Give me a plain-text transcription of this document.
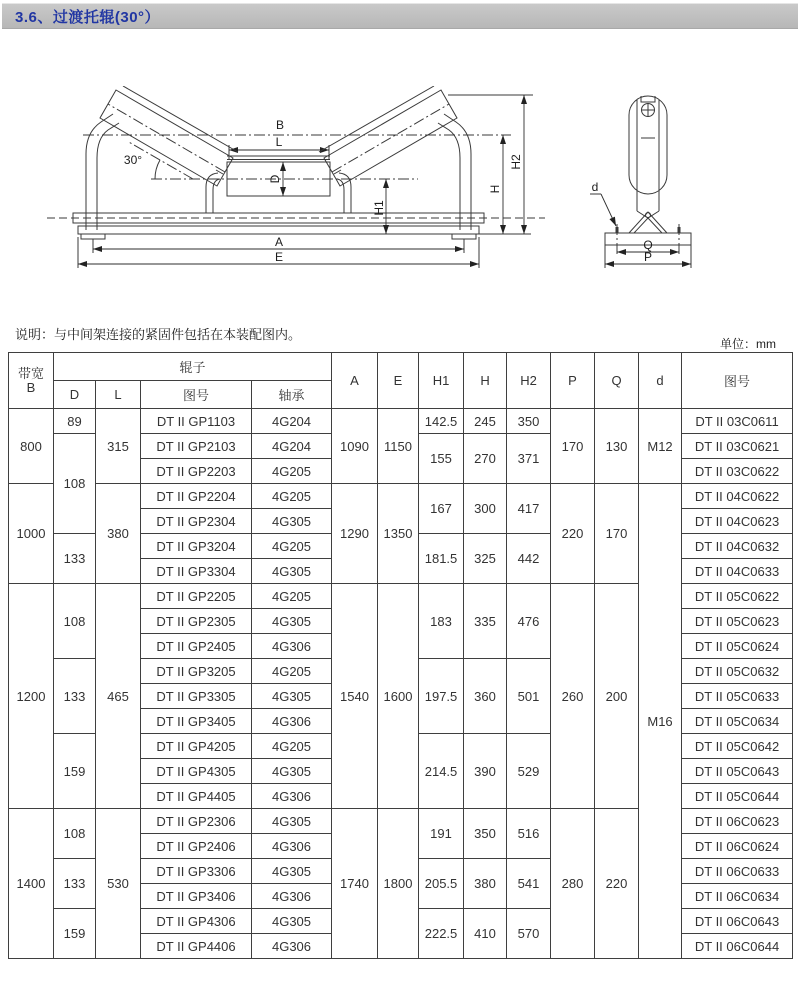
3.6、过渡托辊(30°）
B
L
D
30°
A
E
H1
H
H2
d
Q
P
说明：与中间架连接的紧固件包括在本装配图内。
单位：mm
带宽
B	辊子				A	E	H1	H	H2	P	Q	d	图号
	D	L	图号	轴承									
800	89	315	DT II GP1103	4G204	1090	1150	142.5	245	350	170	130	M12	DT II 03C0611
	108		DT II GP2103	4G204			155	270	371				DT II 03C0621
			DT II GP2203	4G205									DT II 03C0622
1000		380	DT II GP2204	4G205	1290	1350	167	300	417	220	170	M16	DT II 04C0622
			DT II GP2304	4G305									DT II 04C0623
	133		DT II GP3204	4G205			181.5	325	442				DT II 04C0632
			DT II GP3304	4G305									DT II 04C0633
1200	108	465	DT II GP2205	4G205	1540	1600	183	335	476	260	200		DT II 05C0622
			DT II GP2305	4G305									DT II 05C0623
			DT II GP2405	4G306									DT II 05C0624
	133		DT II GP3205	4G205			197.5	360	501				DT II 05C0632
			DT II GP3305	4G305									DT II 05C0633
			DT II GP3405	4G306									DT II 05C0634
	159		DT II GP4205	4G205			214.5	390	529				DT II 05C0642
			DT II GP4305	4G305									DT II 05C0643
			DT II GP4405	4G306									DT II 05C0644
1400	108	530	DT II GP2306	4G305	1740	1800	191	350	516	280	220		DT II 06C0623
			DT II GP2406	4G306									DT II 06C0624
	133		DT II GP3306	4G305			205.5	380	541				DT II 06C0633
			DT II GP3406	4G306									DT II 06C0634
	159		DT II GP4306	4G305			222.5	410	570				DT II 06C0643
			DT II GP4406	4G306									DT II 06C0644
